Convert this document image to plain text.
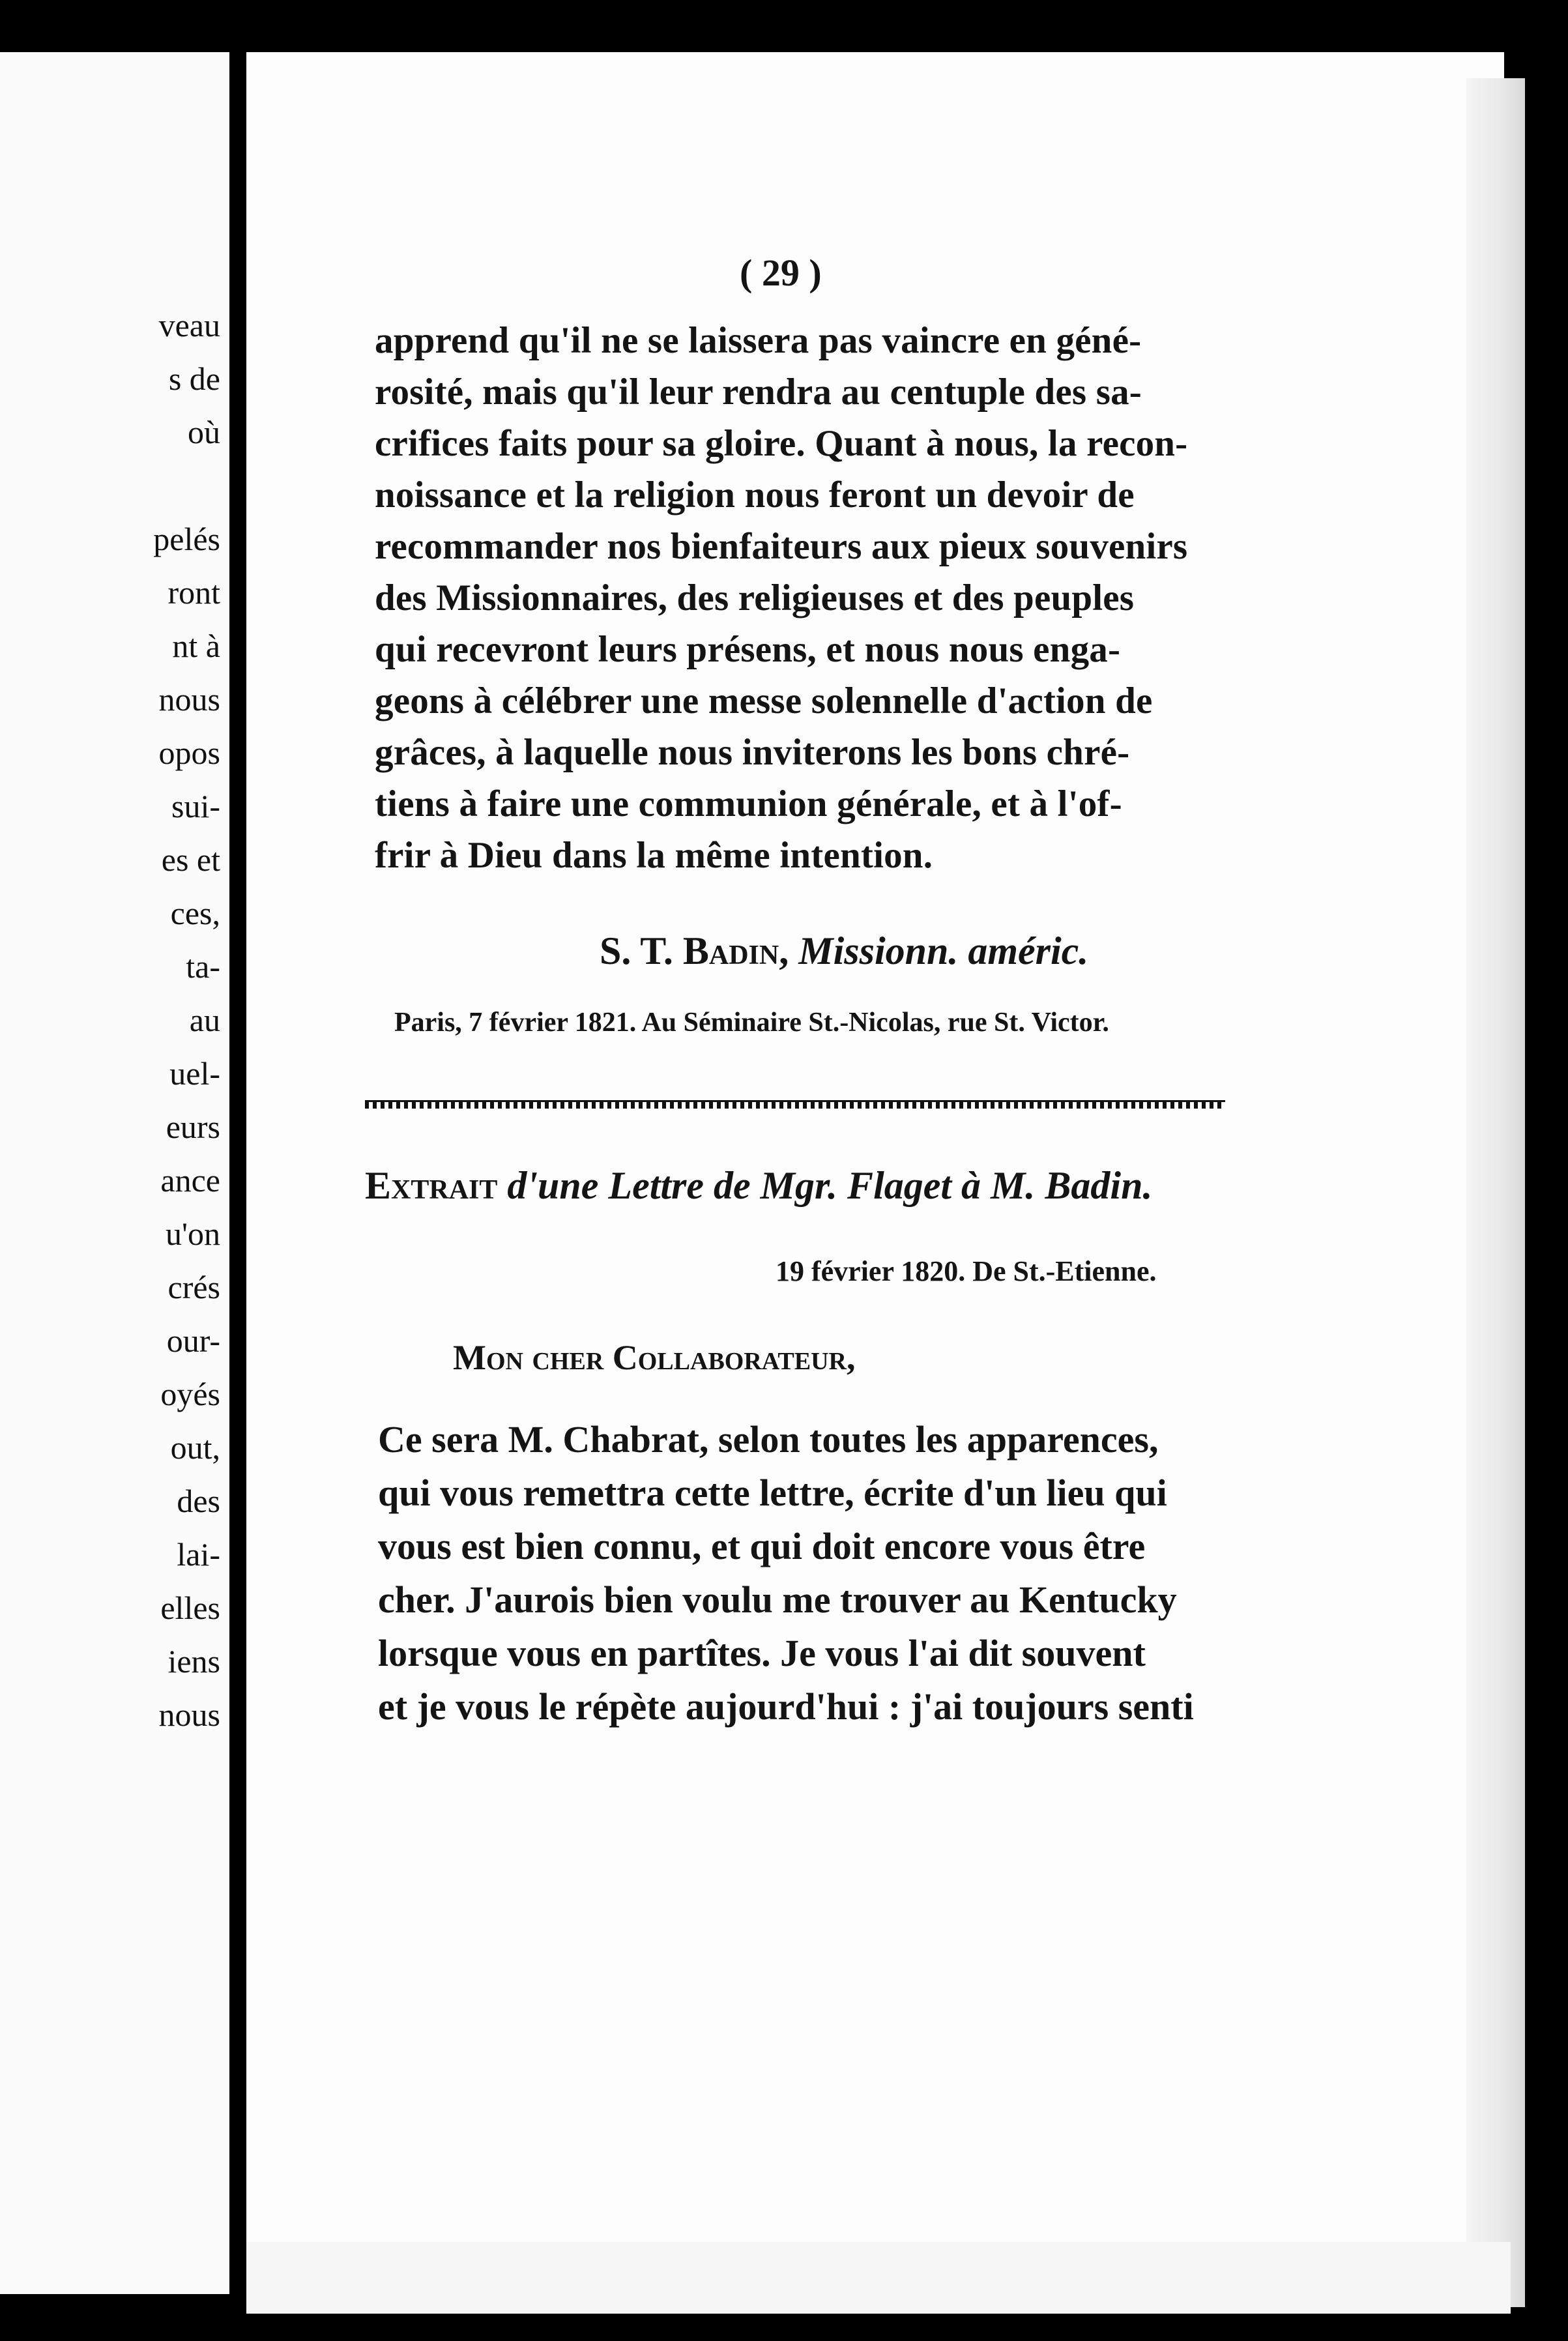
veau
s de
où
pelés
ront
nt à
nous
opos
sui-
es et
ces,
ta-
au
uel-
eurs
ance
u'on
crés
our-
oyés
out,
des
lai-
elles
iens
nous
( 29 )
apprend qu'il ne se laissera pas vaincre en géné-
rosité, mais qu'il leur rendra au centuple des sa-
crifices faits pour sa gloire. Quant à nous, la recon-
noissance et la religion nous feront un devoir de
recommander nos bienfaiteurs aux pieux souvenirs
des Missionnaires, des religieuses et des peuples
qui recevront leurs présens, et nous nous enga-
geons à célébrer une messe solennelle d'action de
grâces, à laquelle nous inviterons les bons chré-
tiens à faire une communion générale, et à l'of-
frir à Dieu dans la même intention.
S. T. Badin, Missionn. améric.
Paris, 7 février 1821. Au Séminaire St.-Nicolas, rue St. Victor.
Extrait d'une Lettre de Mgr. Flaget à M. Badin.
19 février 1820. De St.-Etienne.
Mon cher Collaborateur,
Ce sera M. Chabrat, selon toutes les apparences,
qui vous remettra cette lettre, écrite d'un lieu qui
vous est bien connu, et qui doit encore vous être
cher. J'aurois bien voulu me trouver au Kentucky
lorsque vous en partîtes. Je vous l'ai dit souvent
et je vous le répète aujourd'hui : j'ai toujours senti
